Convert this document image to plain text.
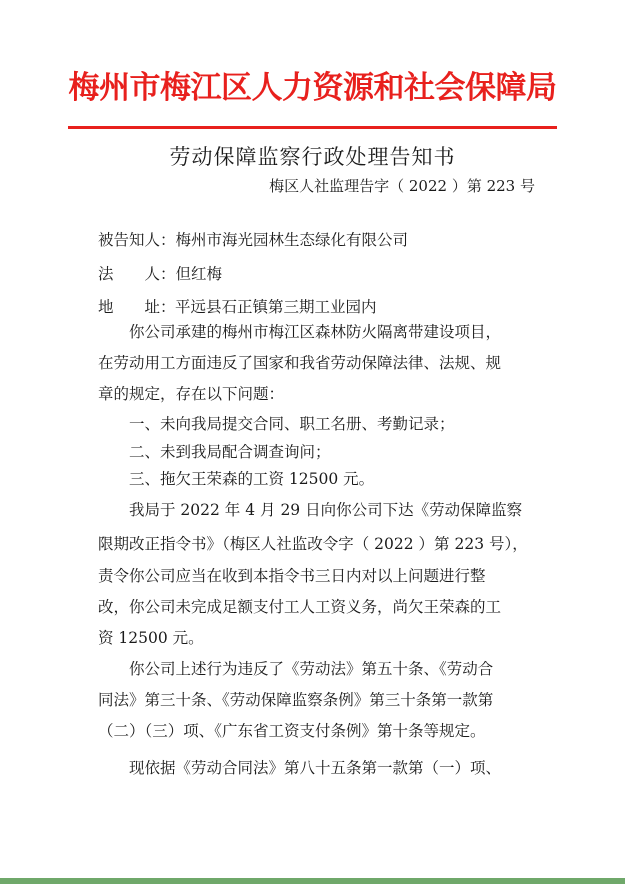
梅州市梅江区人力资源和社会保障局
劳动保障监察行政处理告知书
梅区人社监理告字（ 2022 ）第 223 号
被告知人：梅州市海光园林生态绿化有限公司
法　　人：但红梅
地　　址：平远县石正镇第三期工业园内
你公司承建的梅州市梅江区森林防火隔离带建设项目，
在劳动用工方面违反了国家和我省劳动保障法律、法规、规
章的规定，存在以下问题：
一、未向我局提交合同、职工名册、考勤记录；
二、未到我局配合调查询问；
三、拖欠王荣森的工资 12500 元。
我局于 2022 年 4 月 29 日向你公司下达《劳动保障监察
限期改正指令书》（梅区人社监改令字（ 2022 ）第 223 号），
责令你公司应当在收到本指令书三日内对以上问题进行整
改，你公司未完成足额支付工人工资义务，尚欠王荣森的工
资 12500 元。
你公司上述行为违反了《劳动法》第五十条、《劳动合
同法》第三十条、《劳动保障监察条例》第三十条第一款第
（二）（三）项、《广东省工资支付条例》第十条等规定。
现依据《劳动合同法》第八十五条第一款第（一）项、
